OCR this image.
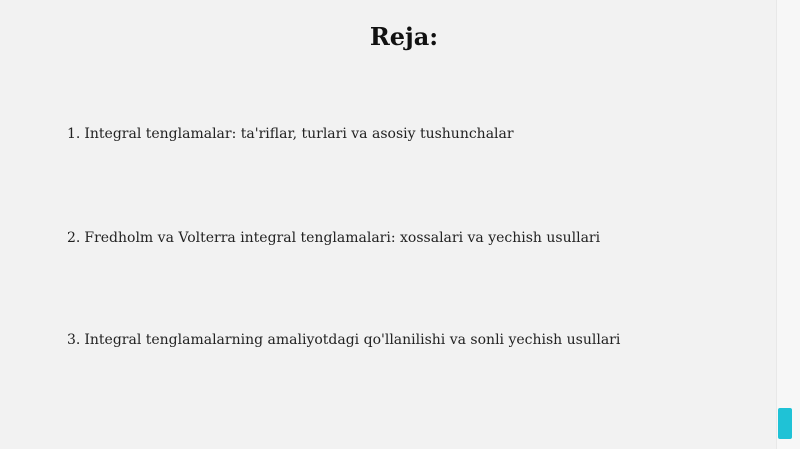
Reja:
1. Integral tenglamalar: ta'riflar, turlari va asosiy tushunchalar
2. Fredholm va Volterra integral tenglamalari: xossalari va yechish usullari
3. Integral tenglamalarning amaliyotdagi qo'llanilishi va sonli yechish usullari
